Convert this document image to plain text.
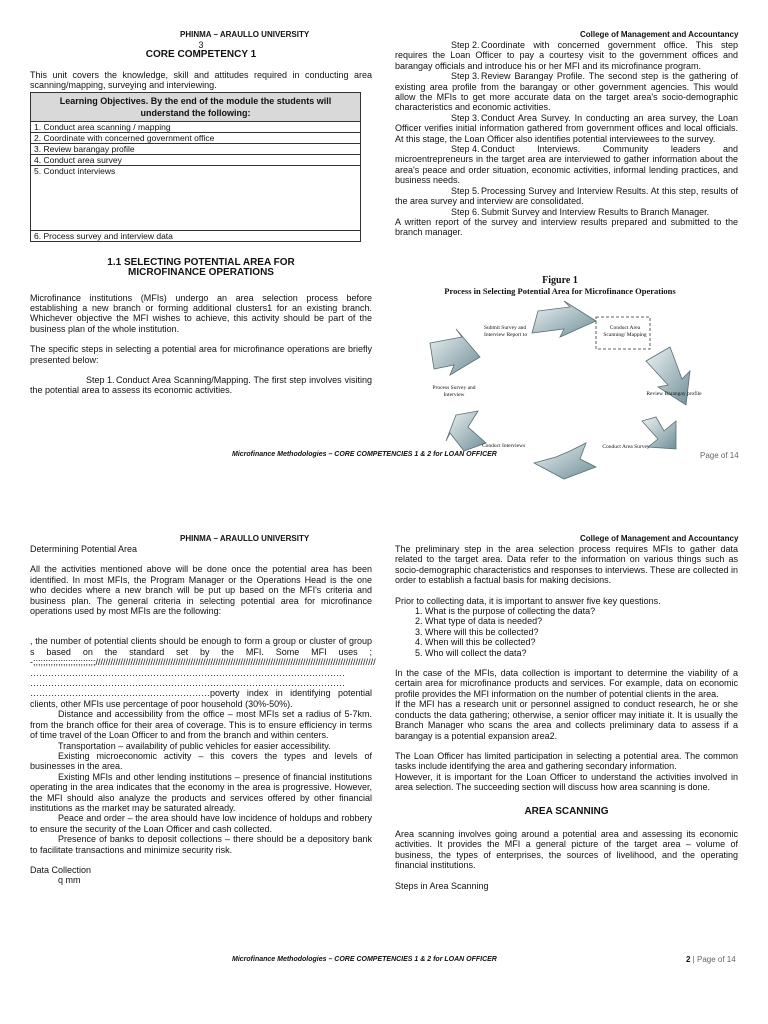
PHINMA – ARAULLO UNIVERSITY	College of Management and Accountancy
3
CORE COMPETENCY 1
This unit covers the knowledge, skill and attitudes required in conducting area scanning/mapping, surveying and interviewing.
Learning Objectives. By the end of the module the students will understand the following:
1. Conduct area scanning / mapping
2. Coordinate with concerned government office
3. Review barangay profile
4. Conduct area survey
5. Conduct interviews
6. Process survey and interview data
1.1 SELECTING POTENTIAL AREA FOR
MICROFINANCE OPERATIONS

Microfinance institutions (MFIs) undergo an area selection process before establishing a new branch or forming additional clusters1 for an existing branch. Whichever objective the MFI wishes to achieve, this activity should be part of the business plan of the whole institution.

The specific steps in selecting a potential area for microfinance operations are briefly presented below:

Step 1.Conduct Area Scanning/Mapping. The first step involves visiting the potential area to assess its economic activities.

Step 2.Coordinate with concerned government office. This step requires the Loan Officer to pay a courtesy visit to the government offices and barangay officials and introduce his or her MFI and its microfinance program.
Step 3.Review Barangay Profile. The second step is the gathering of existing area profile from the barangay or other government agencies. This would allow the MFIs to get more accurate data on the target area's socio-demographic characteristics and economic activities.
Step 3.Conduct Area Survey. In conducting an area survey, the Loan Officer verifies initial information gathered from government offices and local officials. At this stage, the Loan Officer also identifies potential interviewees to the survey.
Step 4.Conduct Interviews. Community leaders and microentrepreneurs in the target area are interviewed to gather information about the area's peace and order situation, economic activities, informal lending practices, and business needs.
Step 5.Processing Survey and Interview Results. At this step, results of the area survey and interview are consolidated.
Step 6.Submit Survey and Interview Results to Branch Manager.
A written report of the survey and interview results prepared and submitted to the branch manager.
Figure 1
Process in Selecting Potential Area for Microfinance Operations
Submit Survey and Interview Report to
Conduct Area Scanning/ Mapping
Review Barangay profile
Conduct Area Survey
Conduct Interviews
Process Survey and Interview
Microfinance Methodologies – CORE COMPETENCIES 1 & 2 for LOAN OFFICER	Page of 14
PHINMA – ARAULLO UNIVERSITY	College of Management and Accountancy

Determining Potential Area

All the activities mentioned above will be done once the potential area has been identified. In most MFIs, the Program Manager or the Operations Head is the one who decides where a new branch will be put up based on the MFI's criteria and business plan. The general criteria in selecting potential area for microfinance operations used by most MFIs are the following:

, the number of potential clients should be enough to form a group or cluster of groups based on the standard set by the MFI. Some MFI uses ;-;;;;;;;;;;;;;;;;;;;;;;;;;////////////////////////////////////////////////////////////////////////////////////////////////////////////////
……………………………………………………………………………………………
……………………………………………………………………………………………
……………………………………………………poverty index in identifying potential clients, other MFIs use percentage of poor household (30%-50%).
Distance and accessibility from the office – most MFIs set a radius of 5-7km. from the branch office for their area of coverage. This is to ensure efficiency in terms of time travel of the Loan Officer to and from the branch and within centers.
Transportation – availability of public vehicles for easier accessibility.
Existing microeconomic activity – this covers the types and levels of businesses in the area.
Existing MFIs and other lending institutions – presence of financial institutions operating in the area indicates that the economy in the area is progressive. However, the MFI should also analyze the products and services offered by other financial institutions as the market may be saturated already.
Peace and order – the area should have low incidence of holdups and robbery to ensure the security of the Loan Officer and cash collected.
Presence of banks to deposit collections – there should be a depository bank to facilitate transactions and minimize security risk.
Data Collection
q mm

The preliminary step in the area selection process requires MFIs to gather data related to the target area. Data refer to the information on various things such as socio-demographic characteristics and responses to interviews. These are collected in order to establish a factual basis for making decisions.

Prior to collecting data, it is important to answer five key questions.
1. What is the purpose of collecting the data?
2. What type of data is needed?
3. Where will this be collected?
4. When will this be collected?
5. Who will collect the data?
In the case of the MFIs, data collection is important to determine the viability of a certain area for microfinance products and services. For example, data on economic profile provides the MFI information on the number of potential clients in the area.

If the MFI has a research unit or personnel assigned to conduct research, he or she conducts the data gathering; otherwise, a senior officer may initiate it. It is usually the Branch Manager who scans the area and collects preliminary data to assess if a barangay is a potential expansion area2.

The Loan Officer has limited participation in selecting a potential area. The common tasks include identifying the area and gathering secondary information.

However, it is important for the Loan Officer to understand the activities involved in area selection. The succeeding section will discuss how area scanning is done.

AREA SCANNING

Area scanning involves going around a potential area and assessing its economic activities. It provides the MFI a general picture of the target area – volume of business, the types of enterprises, the sources of livelihood, and the operating financial institutions.

Steps in Area Scanning
Microfinance Methodologies – CORE COMPETENCIES 1 & 2 for LOAN OFFICER	2 | Page of 14
